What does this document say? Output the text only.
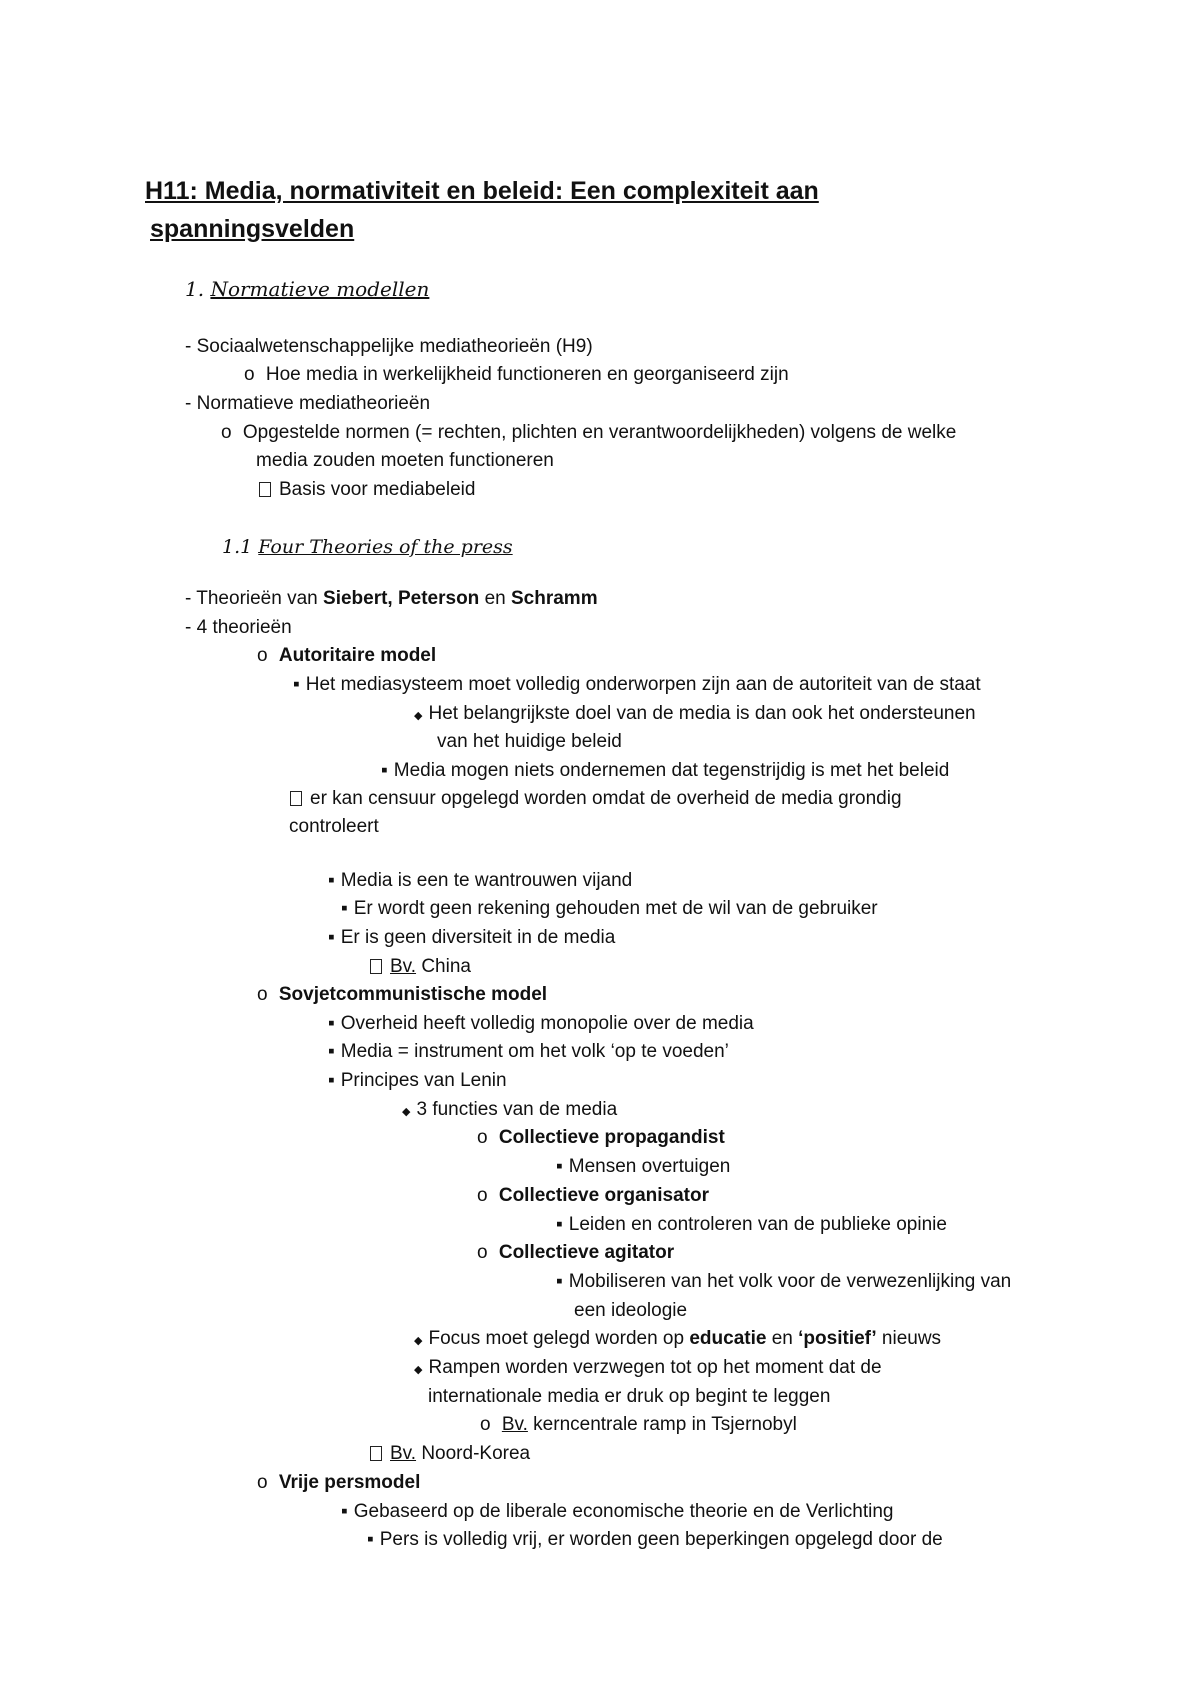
H11: Media, normativiteit en beleid: Een complexiteit aan
spanningsvelden
1. Normatieve modellen
- Sociaalwetenschappelijke mediatheorieën (H9)
o Hoe media in werkelijkheid functioneren en georganiseerd zijn
- Normatieve mediatheorieën
o Opgestelde normen (= rechten, plichten en verantwoordelijkheden) volgens de welke
media zouden moeten functioneren
Basis voor mediabeleid
1.1 Four Theories of the press
- Theorieën van Siebert, Peterson en Schramm
- 4 theorieën
o Autoritaire model
▪ Het mediasysteem moet volledig onderworpen zijn aan de autoriteit van de staat
◆ Het belangrijkste doel van de media is dan ook het ondersteunen
van het huidige beleid
▪ Media mogen niets ondernemen dat tegenstrijdig is met het beleid
er kan censuur opgelegd worden omdat de overheid de media grondig
controleert
▪ Media is een te wantrouwen vijand
▪ Er wordt geen rekening gehouden met de wil van de gebruiker
▪ Er is geen diversiteit in de media
Bv. China
o Sovjetcommunistische model
▪ Overheid heeft volledig monopolie over de media
▪ Media = instrument om het volk ‘op te voeden’
▪ Principes van Lenin
◆ 3 functies van de media
o Collectieve propagandist
▪ Mensen overtuigen
o Collectieve organisator
▪ Leiden en controleren van de publieke opinie
o Collectieve agitator
▪ Mobiliseren van het volk voor de verwezenlijking van
een ideologie
◆ Focus moet gelegd worden op educatie en ‘positief’ nieuws
◆ Rampen worden verzwegen tot op het moment dat de
internationale media er druk op begint te leggen
o Bv. kerncentrale ramp in Tsjernobyl
Bv. Noord-Korea
o Vrije persmodel
▪ Gebaseerd op de liberale economische theorie en de Verlichting
▪ Pers is volledig vrij, er worden geen beperkingen opgelegd door de
